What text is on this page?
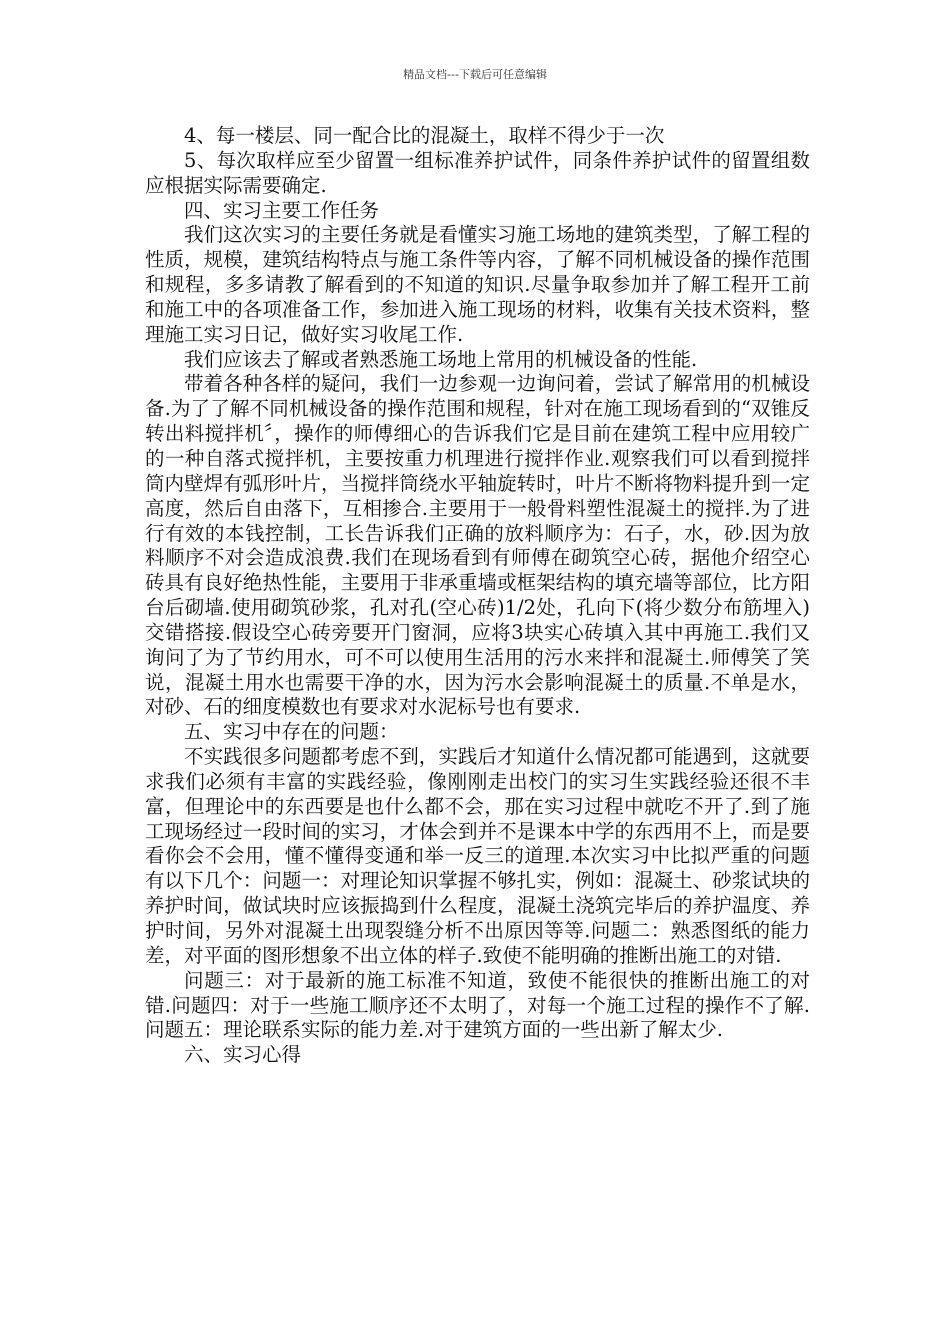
精品文档---下载后可任意编辑

4、每一楼层、同一配合比的混凝土，取样不得少于一次

5、每次取样应至少留置一组标准养护试件，同条件养护试件的留置组数应根据实际需要确定.

四、实习主要工作任务

我们这次实习的主要任务就是看懂实习施工场地的建筑类型，了解工程的性质，规模，建筑结构特点与施工条件等内容，了解不同机械设备的操作范围和规程，多多请教了解看到的不知道的知识.尽量争取参加并了解工程开工前和施工中的各项准备工作，参加进入施工现场的材料，收集有关技术资料，整理施工实习日记，做好实习收尾工作.

我们应该去了解或者熟悉施工场地上常用的机械设备的性能.

带着各种各样的疑问，我们一边参观一边询问着，尝试了解常用的机械设备.为了了解不同机械设备的操作范围和规程，针对在施工现场看到的“双锥反转出料搅拌机〞，操作的师傅细心的告诉我们它是目前在建筑工程中应用较广的一种自落式搅拌机，主要按重力机理进行搅拌作业.观察我们可以看到搅拌筒内壁焊有弧形叶片，当搅拌筒绕水平轴旋转时，叶片不断将物料提升到一定高度，然后自由落下，互相掺合.主要用于一般骨料塑性混凝土的搅拌.为了进行有效的本钱控制，工长告诉我们正确的放料顺序为：石子，水，砂.因为放料顺序不对会造成浪费.我们在现场看到有师傅在砌筑空心砖，据他介绍空心砖具有良好绝热性能，主要用于非承重墙或框架结构的填充墙等部位，比方阳台后砌墙.使用砌筑砂浆，孔对孔(空心砖)1/2处，孔向下(将少数分布筋埋入)交错搭接.假设空心砖旁要开门窗洞，应将3块实心砖填入其中再施工.我们又询问了为了节约用水，可不可以使用生活用的污水来拌和混凝土.师傅笑了笑说，混凝土用水也需要干净的水，因为污水会影响混凝土的质量.不单是水，对砂、石的细度模数也有要求对水泥标号也有要求.

五、实习中存在的问题：

不实践很多问题都考虑不到，实践后才知道什么情况都可能遇到，这就要求我们必须有丰富的实践经验，像刚刚走出校门的实习生实践经验还很不丰富，但理论中的东西要是也什么都不会，那在实习过程中就吃不开了.到了施工现场经过一段时间的实习，才体会到并不是课本中学的东西用不上，而是要看你会不会用，懂不懂得变通和举一反三的道理.本次实习中比拟严重的问题有以下几个：问题一：对理论知识掌握不够扎实，例如：混凝土、砂浆试块的养护时间，做试块时应该振捣到什么程度，混凝土浇筑完毕后的养护温度、养护时间，另外对混凝土出现裂缝分析不出原因等等.问题二：熟悉图纸的能力差，对平面的图形想象不出立体的样子.致使不能明确的推断出施工的对错.

问题三：对于最新的施工标准不知道，致使不能很快的推断出施工的对错.问题四：对于一些施工顺序还不太明了，对每一个施工过程的操作不了解.问题五：理论联系实际的能力差.对于建筑方面的一些出新了解太少.

六、实习心得
